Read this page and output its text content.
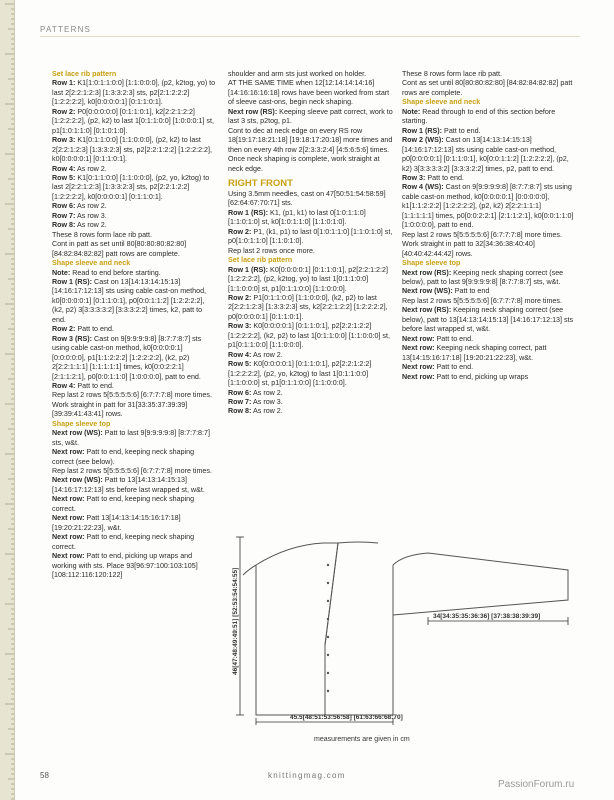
PATTERNS

Set lace rib pattern

Row 1: K1[1:0:1:1:0:0] [1:1:0:0:0], (p2, k2tog, yo) to last 2[2:2:1:2:3] [1:3:3:2:3] sts, p2[2:1:2:2:2] [1:2:2:2:2], k0[0:0:0:0:1] [0:1:1:0:1].

Row 2: P0[0:0:0:0:0] [0:1:1:0:1], k2[2:2:1:2:2] [1:2:2:2:2], (p2, k2) to last 1[0:1:1:0:0] [1:0:0:0:1] st, p1[1:0:1:1:0] [0:1:0:1:0].

Row 3: K1[0:1:1:0:0] [1:1:0:0:0], (p2, k2) to last 2[2:2:1:2:3] [1:3:3:2:3] sts, p2[2:2:1:2:2] [1:2:2:2:2], k0[0:0:0:0:1] [0:1:1:0:1].

Row 4: As row 2.

Row 5: K1[0:1:1:0:0] [1:1:0:0:0], (p2, yo, k2tog) to last 2[2:2:1:2:3] [1:3:3:2:3] sts, p2[2:2:1:2:2] [1:2:2:2:2], k0[0:0:0:0:1] [0:1:1:0:1].

Row 6: As row 2.

Row 7: As row 3.

Row 8: As row 2.

These 8 rows form lace rib patt.

Cont in patt as set until 80[80:80:80:82:80] [84:82:84:82:82] patt rows are complete.

Shape sleeve and neck

Note: Read to end before starting.

Row 1 (RS): Cast on 13[14:13:14:15:13] [14:16:17:12:13] sts using cable cast-on method, k0[0:0:0:0:1] [0:1:1:0:1], p0[0:0:1:1:2] [1:2:2:2:2], (k2, p2) 3[3:3:3:3:2] [3:3:3:2:2] times, k2, patt to end.

Row 2: Patt to end.

Row 3 (RS): Cast on 9[9:9:9:9:8] [8:7:7:8:7] sts using cable cast-on method, k0[0:0:0:0:1] [0:0:0:0:0], p1[1:1:2:2:2] [1:2:2:2:2], (k2, p2) 2[2:2:1:1:1] [1:1:1:1:1] times, k0[0:0:2:2:1] [2:1:1:2:1], p0[0:0:1:1:0] [1:0:0:0:0], patt to end.

Row 4: Patt to end.

Rep last 2 rows 5[5:5:5:5:6] [6:7:7:7:8] more times.

Work straight in patt for 31[33:35:37:39:39] [39:39:41:43:41] rows.

Shape sleeve top

Next row (WS): Patt to last 9[9:9:9:9:8] [8:7:7:8:7] sts, w&t.

Next row: Patt to end, keeping neck shaping correct (see below).

Rep last 2 rows 5[5:5:5:5:6] [6:7:7:7:8] more times.

Next row (WS): Patt to 13[14:13:14:15:13] [14:16:17:12:13] sts before last wrapped st, w&t.

Next row: Patt to end, keeping neck shaping correct.

Next row: Patt 13[14:13:14:15:16:17:18] [19:20:21:22:23], w&t.

Next row: Patt to end, keeping neck shaping correct.

Next row: Patt to end, picking up wraps and working with sts. Place 93[96:97:100:103:105] [108:112:116:120:122]

shoulder and arm sts just worked on holder.

AT THE SAME TIME when 12[12:14:14:14:16] [14:16:16:16:18] rows have been worked from start of sleeve cast-ons, begin neck shaping.

Next row (RS): Keeping sleeve patt correct, work to last 3 sts, p2tog, p1.

Cont to dec at neck edge on every RS row 18[19:17:18:21:18] [19:18:17:20:18] more times and then on every 4th row 2[2:3:3:2:4] [4:5:6:5:6] times. Once neck shaping is complete, work straight at neck edge.

RIGHT FRONT

Using 3.5mm needles, cast on 47[50:51:54:58:59] [62:64:67:70:71] sts.

Row 1 (RS): K1, (p1, k1) to last 0[1:0:1:1:0] [1:1:0:1:0] st, k0[1:0:1:1:0] [1:1:0:1:0].

Row 2: P1, (k1, p1) to last 0[1:0:1:1:0] [1:1:0:1:0] st, p0[1:0:1:1:0] [1:1:0:1:0].

Rep last 2 rows once more.

Set lace rib pattern

Row 1 (RS): K0[0:0:0:0:1] [0:1:1:0:1], p2[2:2:1:2:2] [1:2:2:2:2], (p2, k2tog, yo) to last 1[0:1:1:0:0] [1:1:0:0:0] st, p1[0:1:1:0:0] [1:1:0:0:0].

Row 2: P1[0:1:1:0:0] [1:1:0:0:0], (k2, p2) to last 2[2:2:1:2:3] [1:3:3:2:3] sts, k2[2:2:1:2:2] [1:2:2:2:2], p0[0:0:0:0:1] [0:1:1:0:1].

Row 3: K0[0:0:0:0:1] [0:1:1:0:1], p2[2:2:1:2:2] [1:2:2:2:2], (k2, p2) to last 1[0:1:1:0:0] [1:1:0:0:0] st, p1[0:1:1:0:0] [1:1:0:0:0].

Row 4: As row 2.

Row 5: K0[0:0:0:0:1] [0:1:1:0:1], p2[2:2:1:2:2] [1:2:2:2:2], (p2, yo, k2tog) to last 1[0:1:1:0:0] [1:1:0:0:0] st, p1[0:1:1:0:0] [1:1:0:0:0].

Row 6: As row 2.

Row 7: As row 3.

Row 8: As row 2.

These 8 rows form lace rib patt.

Cont as set until 80[80:80:82:80] [84:82:84:82:82] patt rows are complete.

Shape sleeve and neck

Note: Read through to end of this section before starting.

Row 1 (RS): Patt to end.

Row 2 (WS): Cast on 13[14:13:14:15:13] [14:16:17:12:13] sts using cable cast-on method, p0[0:0:0:0:1] [0:1:1:0:1], k0[0:0:1:1:2] [1:2:2:2:2], (p2, k2) 3[3:3:3:3:2] [3:3:3:2:2] times, p2, patt to end.

Row 3: Patt to end.

Row 4 (WS): Cast on 9[9:9:9:9:8] [8:7:7:8:7] sts using cable cast-on method, k0[0:0:0:0:1] [0:0:0:0:0], k1[1:1:2:2:2] [1:2:2:2:2], (p2, k2) 2[2:2:1:1:1] [1:1:1:1:1] times, p0[0:0:2:2:1] [2:1:1:2:1], k0[0:0:1:1:0] [1:0:0:0:0], patt to end.

Rep last 2 rows 5[5:5:5:5:6] [6:7:7:7:8] more times.

Work straight in patt to 32[34:36:38:40:40] [40:40:42:44:42] rows.

Shape sleeve top

Next row (RS): Keeping neck shaping correct (see below), patt to last 9[9:9:9:9:8] [8:7:7:8:7] sts, w&t.

Next row (WS): Patt to end

Rep last 2 rows 5[5:5:5:5:6] [6:7:7:7:8] more times.

Next row (RS): Keeping neck shaping correct (see below), patt to 13[14:13:14:15:13] [14:16:17:12:13] sts before last wrapped st, w&t.

Next row: Patt to end.

Next row: Keeping neck shaping correct, patt 13[14:15:16:17:18] [19:20:21:22:23], w&t.

Next row: Patt to end.

Next row: Patt to end, picking up wraps

46[47:48:49:49:51] [52:53:54:54:55]
45.5[48:51:53:56:58] [61:63:66:68:70]
34[34:35:35:36:36] [37:38:38:39:39]
measurements are given in cm
58	knittingmag.com
PassionForum.ru
